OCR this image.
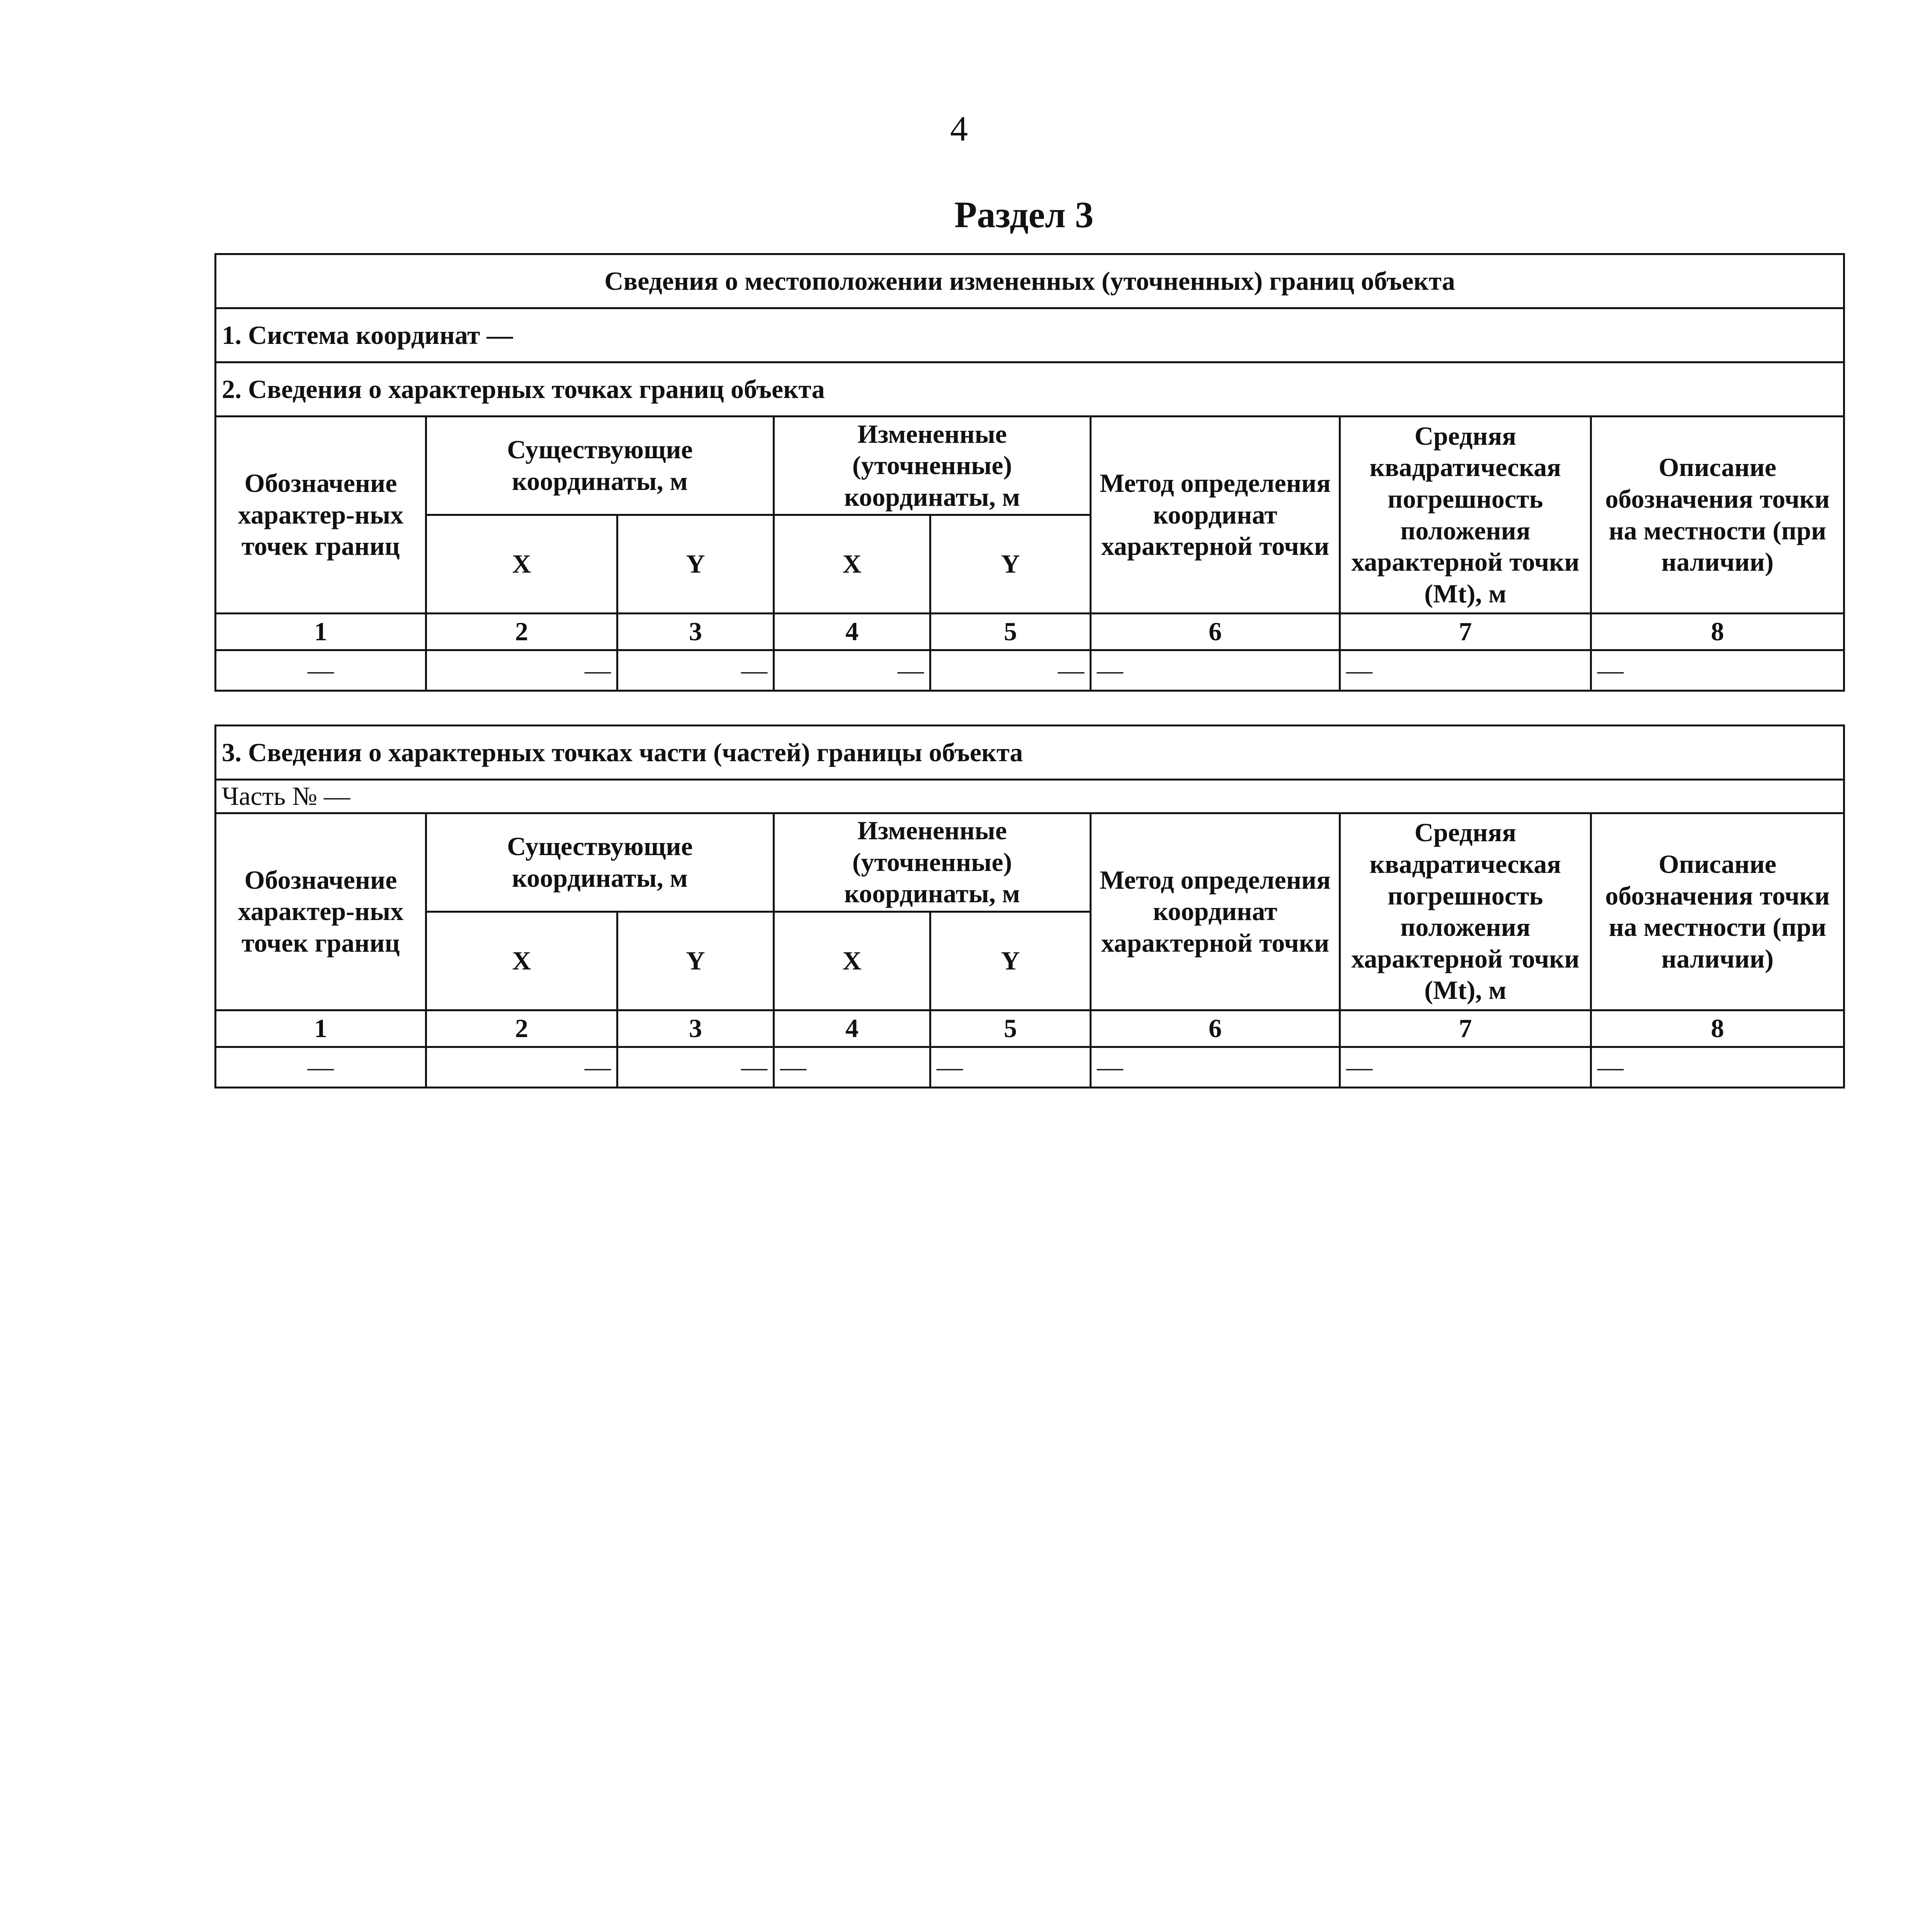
4
Раздел 3
Сведения о местоположении измененных (уточненных) границ объекта							
1. Система координат —							
2. Сведения о характерных точках границ объекта							
Обозначение характер-ных точек границ	Существующие координаты, м		Измененные (уточненные) координаты, м		Метод определения координат характерной точки	Средняя квадратическая погрешность положения характерной точки (Mt), м	Описание обозначения точки на местности (при наличии)
	X	Y	X	Y			
1	2	3	4	5	6	7	8
—	—	—	—	—	—	—	—
3. Сведения о характерных точках части (частей) границы объекта							
Часть № —							
Обозначение характер-ных точек границ	Существующие координаты, м		Измененные (уточненные) координаты, м		Метод определения координат характерной точки	Средняя квадратическая погрешность положения характерной точки (Mt), м	Описание обозначения точки на местности (при наличии)
	X	Y	X	Y			
1	2	3	4	5	6	7	8
—	—	—	—	—	—	—	—
